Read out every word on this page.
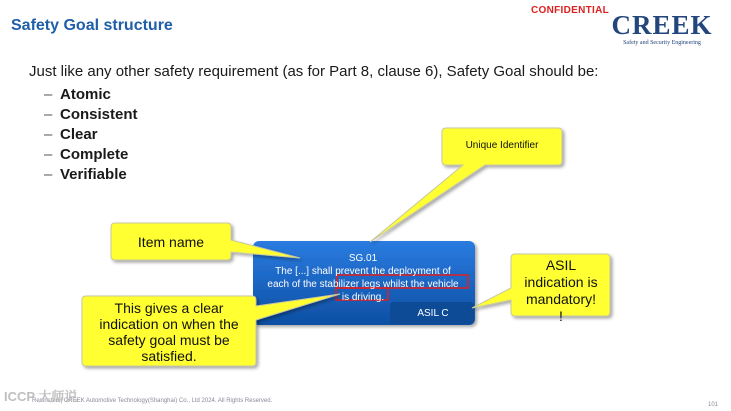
Safety Goal structure
CONFIDENTIAL CREEK
Safety and Security Engineering
Just like any other safety requirement (as for Part 8, clause 6), Safety Goal should be:
– Atomic
– Consistent
– Clear
– Complete
– Verifiable
SG.01
The [...] shall prevent the deployment of
each of the stabilizer legs whilst the vehicle
is driving.
ASIL C
Unique Identifier
Item name
ASIL
indication is
mandatory!
!
This gives a clear
indication on when the
safety goal must be
satisfied.
Restricted | CREEK Automotive Technology(Shanghai) Co., Ltd 2024. All Rights Reserved.
ICCP 大师说
101
